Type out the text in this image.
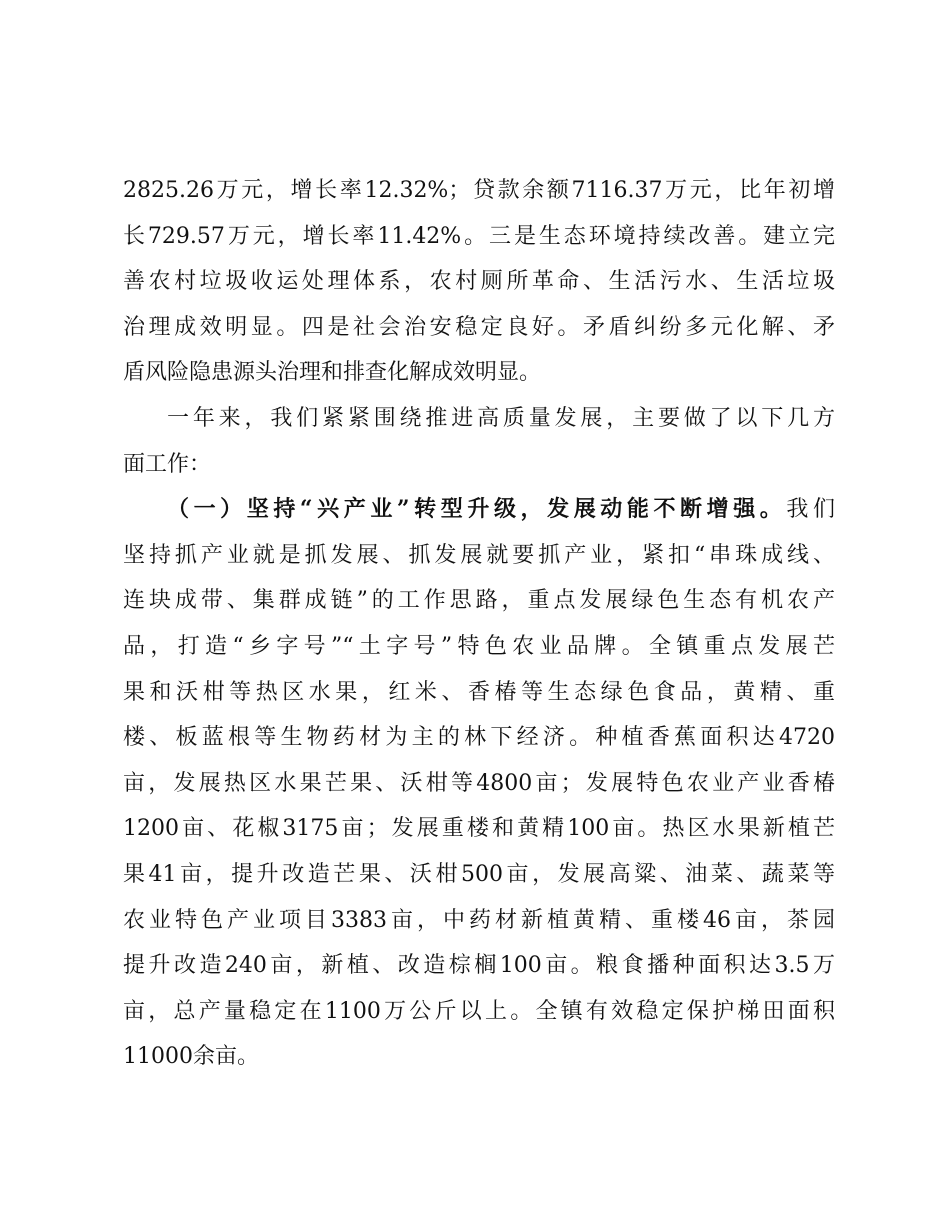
2825.26万元，增长率12.32%；贷款余额7116.37万元，比年初增
长729.57万元，增长率11.42%。三是生态环境持续改善。建立完
善农村垃圾收运处理体系，农村厕所革命、生活污水、生活垃圾
治理成效明显。四是社会治安稳定良好。矛盾纠纷多元化解、矛
盾风险隐患源头治理和排查化解成效明显。
一年来，我们紧紧围绕推进高质量发展，主要做了以下几方
面工作：
（一）坚持“兴产业”转型升级，发展动能不断增强。我们
坚持抓产业就是抓发展、抓发展就要抓产业，紧扣“串珠成线、
连块成带、集群成链”的工作思路，重点发展绿色生态有机农产
品，打造“乡字号”“土字号”特色农业品牌。全镇重点发展芒
果和沃柑等热区水果，红米、香椿等生态绿色食品，黄精、重
楼、板蓝根等生物药材为主的林下经济。种植香蕉面积达4720
亩，发展热区水果芒果、沃柑等4800亩；发展特色农业产业香椿
1200亩、花椒3175亩；发展重楼和黄精100亩。热区水果新植芒
果41亩，提升改造芒果、沃柑500亩，发展高粱、油菜、蔬菜等
农业特色产业项目3383亩，中药材新植黄精、重楼46亩，茶园
提升改造240亩，新植、改造棕榈100亩。粮食播种面积达3.5万
亩，总产量稳定在1100万公斤以上。全镇有效稳定保护梯田面积
11000余亩。
